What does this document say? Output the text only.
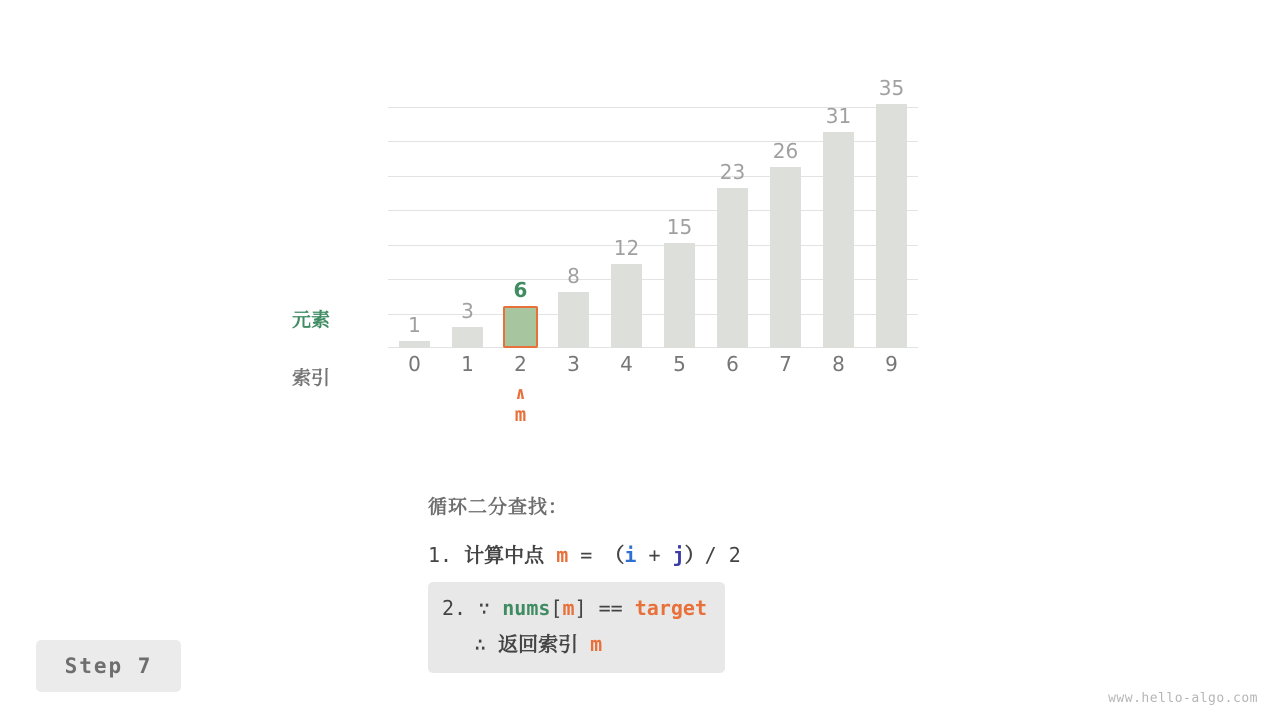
元素
索引
1
3
6
8
12
15
23
26
31
35
0	1	2	3	4	5	6	7	8	9
∧
m
循环二分查找：
1. 计算中点 m = （i + j）/ 2
2. ∵ nums[m] == target
∴ 返回索引 m
Step 7
www.hello-algo.com
